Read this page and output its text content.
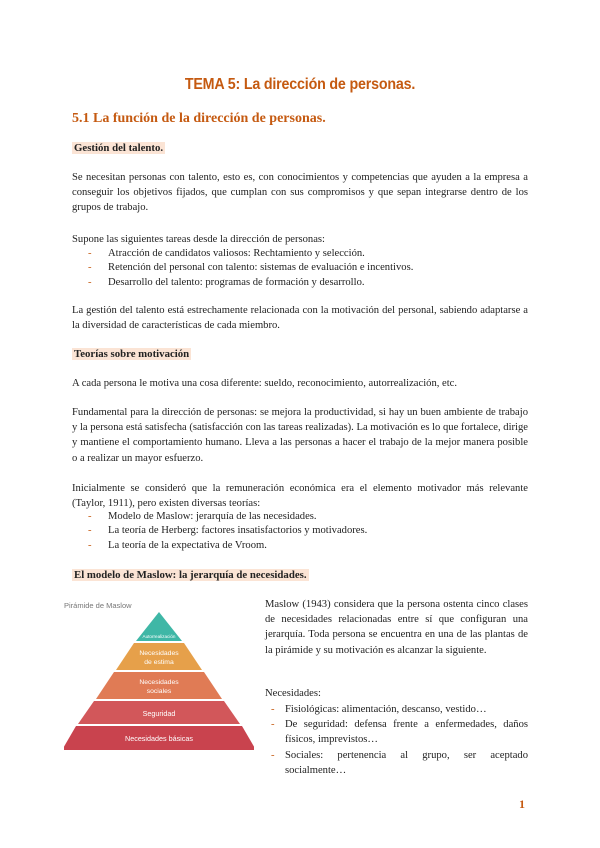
TEMA 5: La dirección de personas.
5.1 La función de la dirección de personas.
Gestión del talento.
Se necesitan personas con talento, esto es, con conocimientos y competencias que ayuden a la empresa a conseguir los objetivos fijados, que cumplan con sus compromisos y que sepan integrarse dentro de los grupos de trabajo.
Supone las siguientes tareas desde la dirección de personas:
- Atracción de candidatos valiosos: Rechtamiento y selección.
- Retención del personal con talento: sistemas de evaluación e incentivos.
- Desarrollo del talento: programas de formación y desarrollo.
La gestión del talento está estrechamente relacionada con la motivación del personal, sabiendo adaptarse a la diversidad de características de cada miembro.
Teorías sobre motivación
A cada persona le motiva una cosa diferente: sueldo, reconocimiento, autorrealización, etc.
Fundamental para la dirección de personas: se mejora la productividad, si hay un buen ambiente de trabajo y la persona está satisfecha (satisfacción con las tareas realizadas). La motivación es lo que fortalece, dirige y mantiene el comportamiento humano. Lleva a las personas a hacer el trabajo de la mejor manera posible o a realizar un mayor esfuerzo.
Inicialmente se consideró que la remuneración económica era el elemento motivador más relevante (Taylor, 1911), pero existen diversas teorías:
- Modelo de Maslow: jerarquía de las necesidades.
- La teoría de Herberg: factores insatisfactorios y motivadores.
- La teoría de la expectativa de Vroom.
El modelo de Maslow: la jerarquía de necesidades.
Pirámide de Maslow
Autorrealización
Necesidades
de estima
Necesidades
sociales
Seguridad
Necesidades básicas
Maslow (1943) considera que la persona ostenta cinco clases de necesidades relacionadas entre sí que configuran una jerarquía. Toda persona se encuentra en una de las plantas de la pirámide y su motivación es alcanzar la siguiente.
Necesidades:
- Fisiológicas: alimentación, descanso, vestido…
- De seguridad: defensa frente a enfermedades, daños físicos, imprevistos…
- Sociales: pertenencia al grupo, ser aceptado socialmente…
1
